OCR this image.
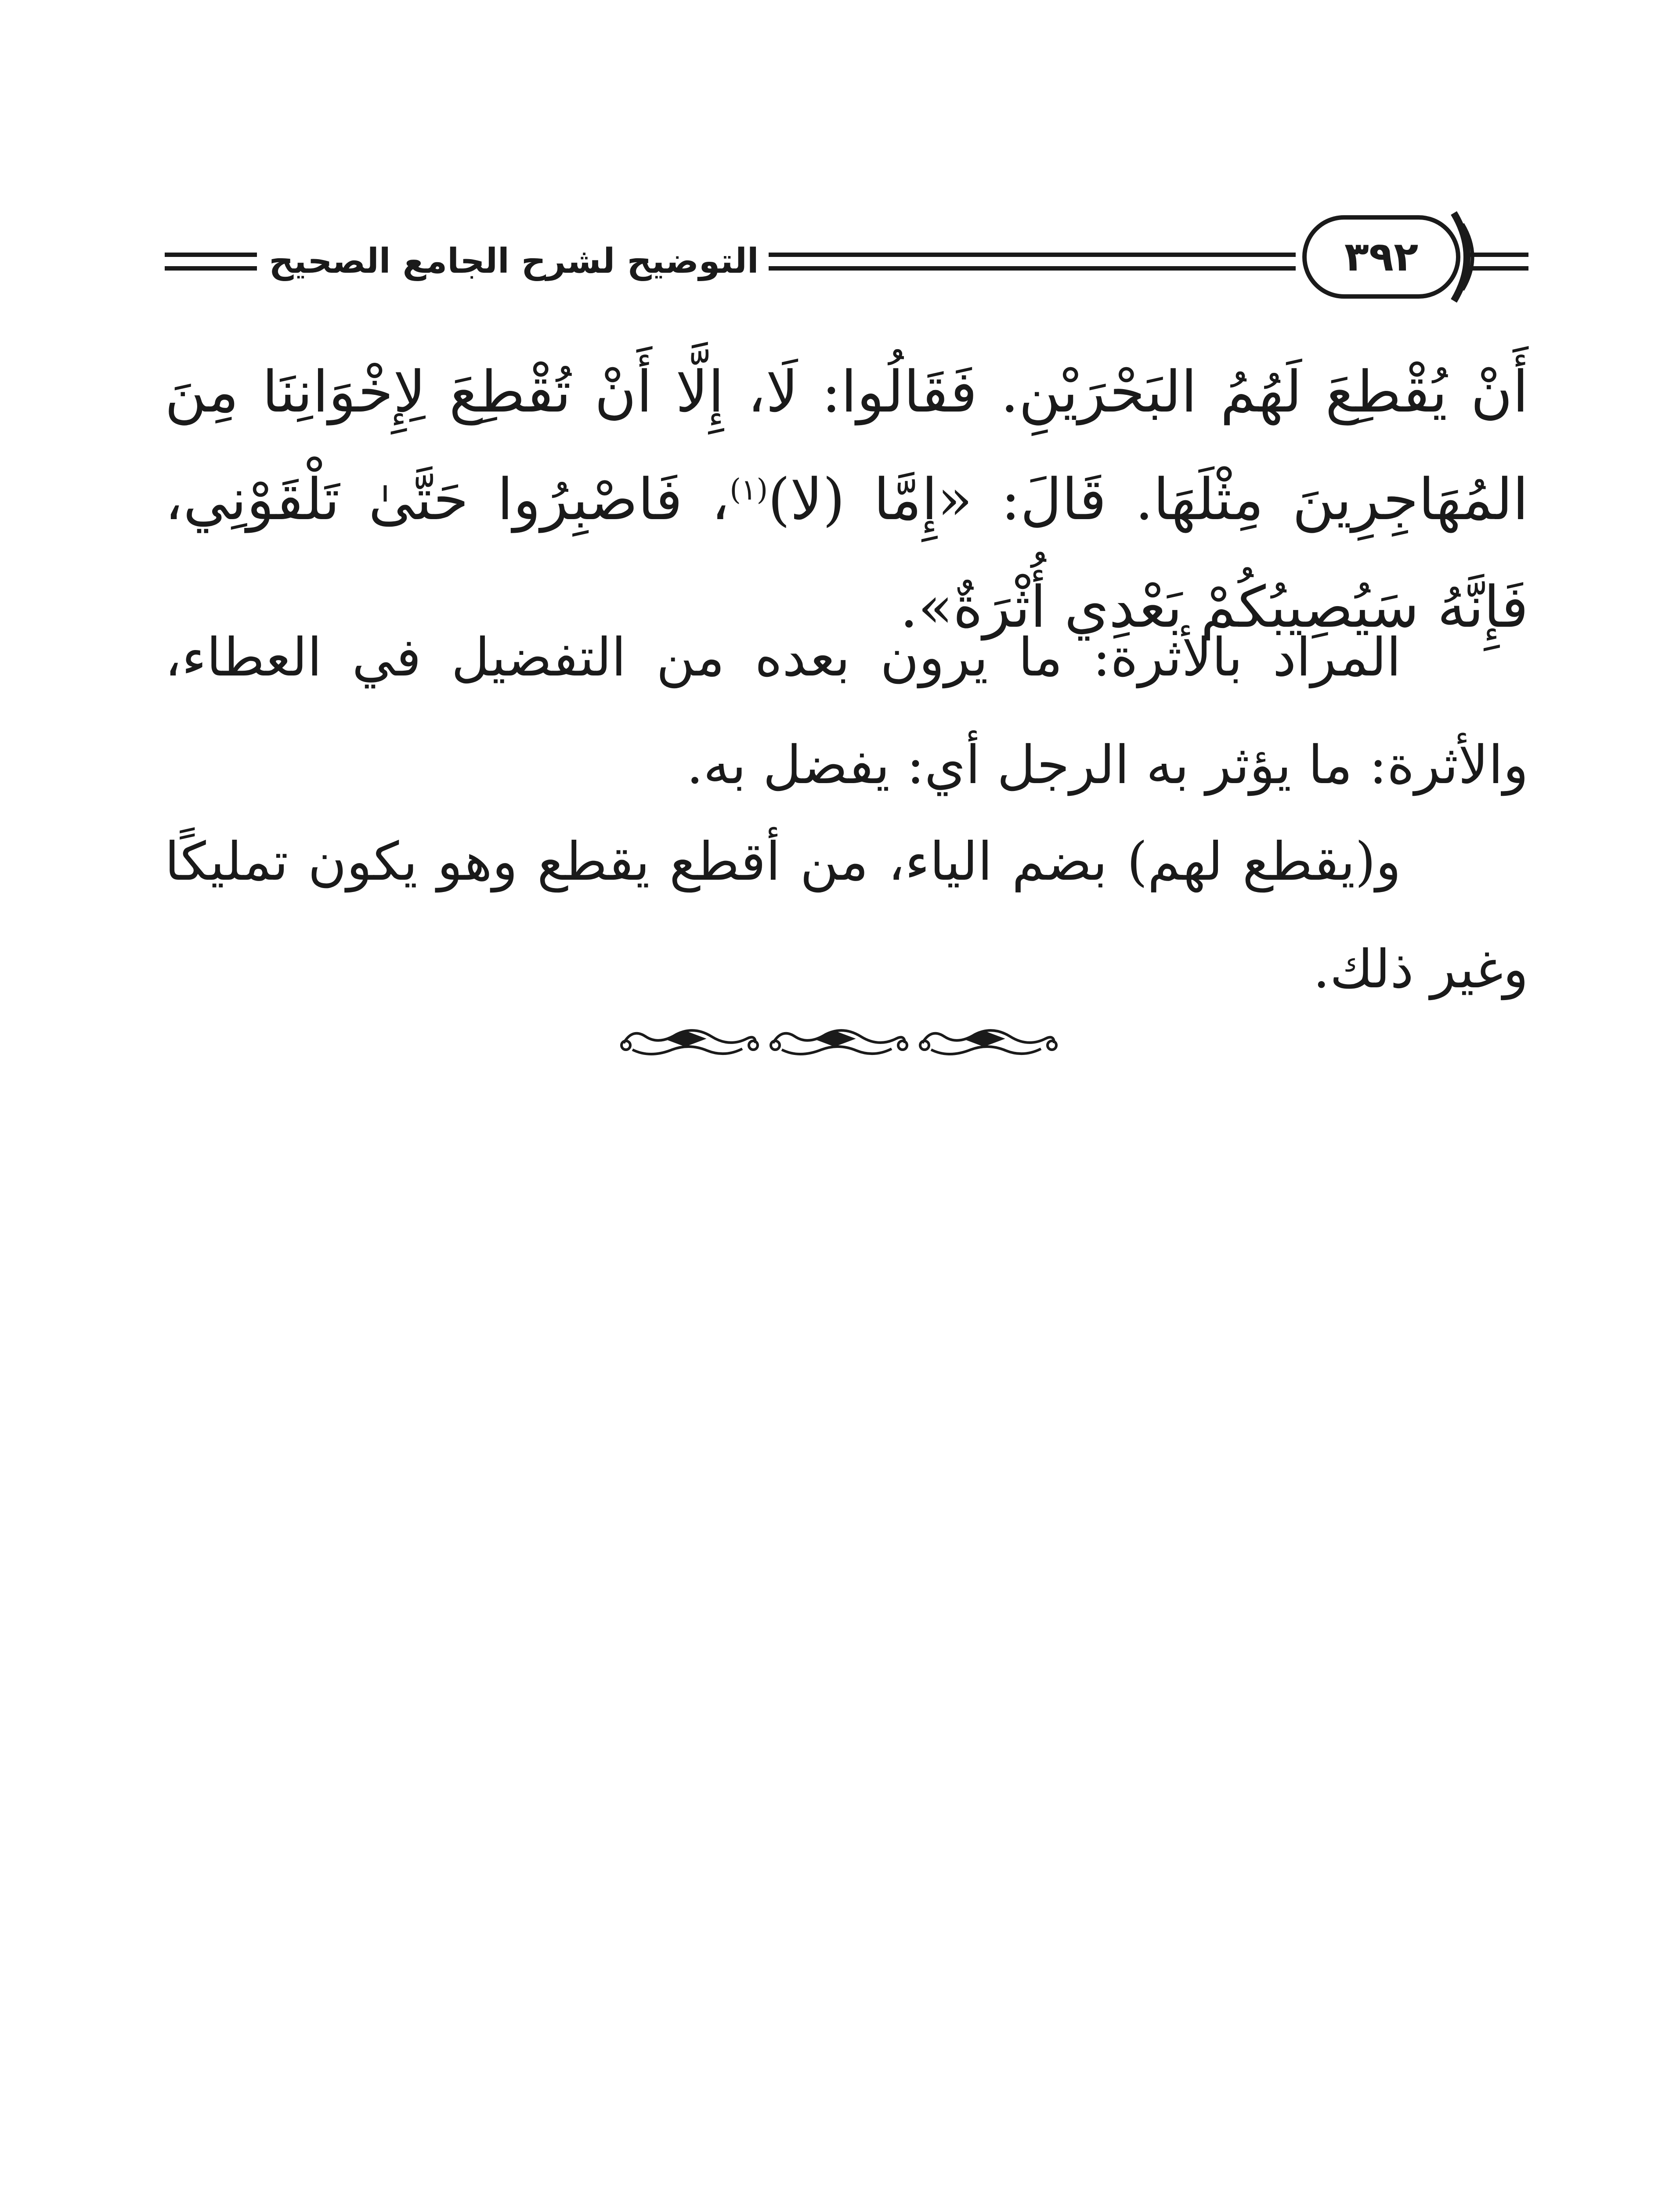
التوضيح لشرح الجامع الصحيح	٣٩٢
أَنْ يُقْطِعَ لَهُمُ البَحْرَيْنِ. فَقَالُوا: لَا، إِلَّا أَنْ تُقْطِعَ لِإِخْوَانِنَا مِنَ المُهَاجِرِينَ مِثْلَهَا. قَالَ: «إِمَّا (لا)$^{(١)}$، فَاصْبِرُوا حَتَّىٰ تَلْقَوْنِي، فَإِنَّهُ سَيُصِيبُكُمْ بَعْدِي أُثْرَةٌ».
المراد بالأثرة: ما يرون بعده من التفضيل في العطاء، والأثرة: ما يؤثر به الرجل أي: يفضل به.
و(يقطع لهم) بضم الياء، من أقطع يقطع وهو يكون تمليكًا وغير ذلك.
